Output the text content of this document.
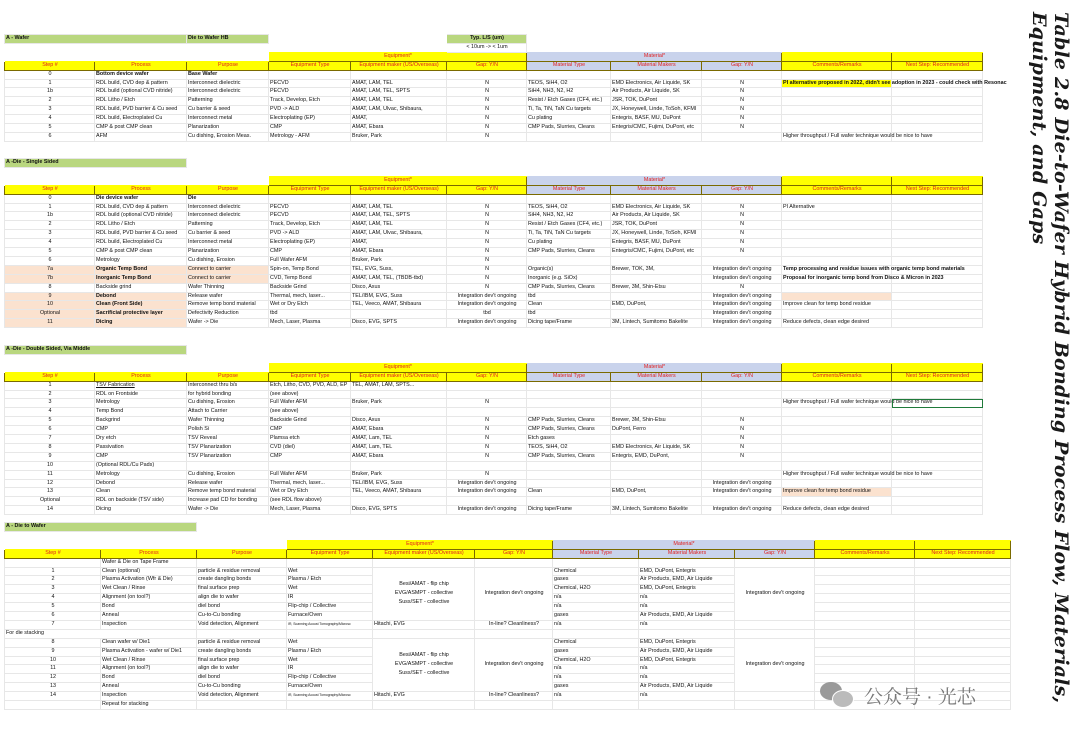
Table 2.8 Die-to-Wafer Hybrid Bonding Process Flow, Materials, Equipment, and Gaps
A - Wafer		Die to Wafer HB			Typ. L/S (um)					
					< 10um -> < 1um					
			Equipment*			Material*				
Step #	Process	Purpose	Equipment Type	Equipment maker (US/Overseas)	Gap: Y/N	Material Type	Material Makers	Gap: Y/N	Comments/Remarks	Next Step: Recommended
0	Bottom device wafer	Base Wafer								
1	RDL build, CVD dep & pattern	Interconnect dielectric	PECVD	AMAT, LAM, TEL	N	TEOS, SiH4, O2	EMD Electronics, Air Liquide, SK	N	PI alternative proposed in 2022, didn't see adoption in 2023 - could check with Resonac	
1b	RDL build (optional CVD nitride)	Interconnect dielectric	PECVD	AMAT, LAM, TEL, SPTS	N	SiH4, NH3, N2, H2	Air Products, Air Liquide, SK	N		
2	RDL Litho / Etch	Patterning	Track, Develop, Etch	AMAT, LAM, TEL	N	Resist / Etch Gases (CF4, etc.)	JSR, TOK, DuPont	N		
3	RDL build, PVD barrier & Cu seed	Cu barrier & seed	PVD -> ALD	AMAT, LAM, Ulvac, Shibaura,	N	Ti, Ta, TiN, TaN Cu targets	JX, Honeywell, Linde, ToSoh, KFMI	N		
4	RDL build, Electroplated Cu	Interconnect metal	Electroplating (EP)	AMAT,	N	Cu plating	Entegris, BASF, MU, DuPont	N		
5	CMP & post CMP clean	Planarization	CMP	AMAT, Ebara	N	CMP Pads, Slurries, Cleans	Entegris/CMC, Fujimi, DuPont, etc	N		
6	AFM	Cu dishing, Erosion Meas.	Metrology - AFM	Bruker, Park	N				Higher throughput / Full wafer technique would be nice to have	
A -Die - Single Sided										

			Equipment*			Material*				
Step #	Process	Purpose	Equipment Type	Equipment maker (US/Overseas)	Gap: Y/N	Material Type	Material Makers	Gap: Y/N	Comments/Remarks	Next Step: Recommended
0	Die device wafer	Die								
1	RDL build, CVD dep & pattern	Interconnect dielectric	PECVD	AMAT, LAM, TEL	N	TEOS, SiH4, O2	EMD Electronics, Air Liquide, SK	N	PI Alternative	
1b	RDL build (optional CVD nitride)	Interconnect dielectric	PECVD	AMAT, LAM, TEL, SPTS	N	SiH4, NH3, N2, H2	Air Products, Air Liquide, SK	N		
2	RDL Litho / Etch	Patterning	Track, Develop, Etch	AMAT, LAM, TEL	N	Resist / Etch Gases (CF4, etc.)	JSR, TOK, DuPont	N		
3	RDL build, PVD barrier & Cu seed	Cu barrier & seed	PVD -> ALD	AMAT, LAM, Ulvac, Shibaura,	N	Ti, Ta, TiN, TaN Cu targets	JX, Honeywell, Linde, ToSoh, KFMI	N		
4	RDL build, Electroplated Cu	Interconnect metal	Electroplating (EP)	AMAT,	N	Cu plating	Entegris, BASF, MU, DuPont	N		
5	CMP & post CMP clean	Planarization	CMP	AMAT, Ebara	N	CMP Pads, Slurries, Cleans	Entegris/CMC, Fujimi, DuPont, etc	N		
6	Metrology	Cu dishing, Erosion	Full Wafer AFM	Bruker, Park	N					
7a	Organic Temp Bond	Connect to carrier	Spin-on, Temp Bond	TEL, EVG, Suss,	N	Organic(s)	Brewer, TOK, 3M,	Integration dev't ongoing	Temp processing and residue issues with organic temp bond materials	
7b	Inorganic Temp Bond	Connect to carrier	CVD, Temp Bond	AMAT, LAM, TEL, (TBDB-tbd)	N	Inorganic (e.g. SiOx)		Integration dev't ongoing	Proposal for inorganic temp bond from Disco & Micron in 2023	
8	Backside grind	Wafer Thinning	Backside Grind	Disco, Axus	N	CMP Pads, Slurries, Cleans	Brewer, 3M, Shin-Etsu	N		
9	Debond	Release wafer	Thermal, mech, laser...	TEL/IBM, EVG, Suss	Integration dev't ongoing	tbd		Integration dev't ongoing		
10	Clean (Front Side)	Remove temp bond material	Wet or Dry Etch	TEL, Veeco, AMAT, Shibaura	Integration dev't ongoing	Clean	EMD, DuPont,	Integration dev't ongoing	Improve clean for temp bond residue	
Optional	Sacrificial protective layer	Defectivity Reduction	tbd		tbd	tbd		Integration dev't ongoing		
11	Dicing	Wafer -> Die	Mech, Laser, Plasma	Disco, EVG, SPTS	Integration dev't ongoing	Dicing tape/Frame	3M, Lintech, Sumitomo Bakelite	Integration dev't ongoing	Reduce defects, clean edge desired	
A -Die - Double Sided, Via Middle										

			Equipment*			Material*				
Step #	Process	Purpose	Equipment Type	Equipment maker (US/Overseas)	Gap: Y/N	Material Type	Material Makers	Gap: Y/N	Comments/Remarks	Next Step: Recommended
1	TSV Fabrication	Interconnect thru b/s	Etch, Litho, CVD, PVD, ALD, EP	TEL, AMAT, LAM, SPTS...						
2	RDL on Frontside	for hybrid bonding	(see above)							
3	Metrology	Cu dishing, Erosion	Full Wafer AFM	Bruker, Park	N				Higher throughput / Full wafer technique would be nice to have	
4	Temp Bond	Attach to Carrier	(see above)							
5	Backgrind	Wafer Thinning	Backside Grind	Disco, Axus	N	CMP Pads, Slurries, Cleans	Brewer, 3M, Shin-Etsu	N		
6	CMP	Polish Si	CMP	AMAT, Ebara	N	CMP Pads, Slurries, Cleans	DuPont, Ferro	N		
7	Dry etch	TSV Reveal	Plamsa etch	AMAT, Lam, TEL	N	Etch gases		N		
8	Passivation	TSV Planarization	CVD (diel)	AMAT, Lam, TEL	N	TEOS, SiH4, O2	EMD Electronics, Air Liquide, SK	N		
9	CMP	TSV Planarization	CMP	AMAT, Ebara	N	CMP Pads, Slurries, Cleans	Entegris, EMD, DuPont,	N		
10	(Optional RDL/Cu Pads)									
11	Metrology	Cu dishing, Erosion	Full Wafer AFM	Bruker, Park	N				Higher throughput / Full wafer technique would be nice to have	
12	Debond	Release wafer	Thermal, mech, laser...	TEL/IBM, EVG, Suss	Integration dev't ongoing			Integration dev't ongoing		
13	Clean	Remove temp bond material	Wet or Dry Etch	TEL, Veeco, AMAT, Shibaura	Integration dev't ongoing	Clean	EMD, DuPont,	Integration dev't ongoing	Improve clean for temp bond residue	
Optional	RDL on backside (TSV side)	Increase pad CD for bonding	(see RDL flow above)							
14	Dicing	Wafer -> Die	Mech, Laser, Plasma	Disco, EVG, SPTS	Integration dev't ongoing	Dicing tape/Frame	3M, Lintech, Sumitomo Bakelite	Integration dev't ongoing	Reduce defects, clean edge desired	
A - Die to Wafer										

			Equipment*			Material*				
Step #	Process	Purpose	Equipment Type	Equipment maker (US/Overseas)	Gap: Y/N	Material Type	Material Makers	Gap: Y/N	Comments/Remarks	Next Step: Recommended
	Wafer & Die on Tape Frame									
1	Clean (optional)	particle & residue removal	Wet	Besi/AMAT - flip chip
EVG/ASMPT - collective
Suss/SET - collective	Integration dev't ongoing	Chemical	EMD, DuPont, Entegris	Integration dev't ongoing		
2	Plasma Activation (Wfr & Die)	create dangling bonds	Plasma / Etch			gases	Air Products, EMD, Air Liquide			
3	Wet Clean / Rinse	final surface prep	Wet			Chemical, H2O	EMD, DuPont, Entegris			
4	Alignment (on tool?)	align die to wafer	IR			n/a	n/a			
5	Bond	diel bond	Flip-chip / Collective			n/a	n/a			
6	Anneal	Cu-to-Cu bonding	Furnace/Oven			gases	Air Products, EMD, Air Liquide			
7	Inspection	Void detection, Alignment	IR, Scanning Acoust Tomography/Microsc	Hitachi, EVG	In-line? Cleanliness?	n/a	n/a			
For die stacking										
8	Clean wafer w/ Die1	particle & residue removal	Wet	Besi/AMAT - flip chip
EVG/ASMPT - collective
Suss/SET - collective	Integration dev't ongoing	Chemical	EMD, DuPont, Entegris	Integration dev't ongoing		
9	Plasma Activation - wafer w/ Die1	create dangling bonds	Plasma / Etch			gases	Air Products, EMD, Air Liquide			
10	Wet Clean / Rinse	final surface prep	Wet			Chemical, H2O	EMD, DuPont, Entegris			
11	Alignment (on tool?)	align die to wafer	IR			n/a	n/a			
12	Bond	diel bond	Flip-chip / Collective			n/a	n/a			
13	Anneal	Cu-to-Cu bonding	Furnace/Oven			gases	Air Products, EMD, Air Liquide			
14	Inspection	Void detection, Alignment	IR, Scanning Acoust Tomography/Microsc	Hitachi, EVG	In-line? Cleanliness?	n/a	n/a			
	Repeat for stacking										公众号 · 光芯
